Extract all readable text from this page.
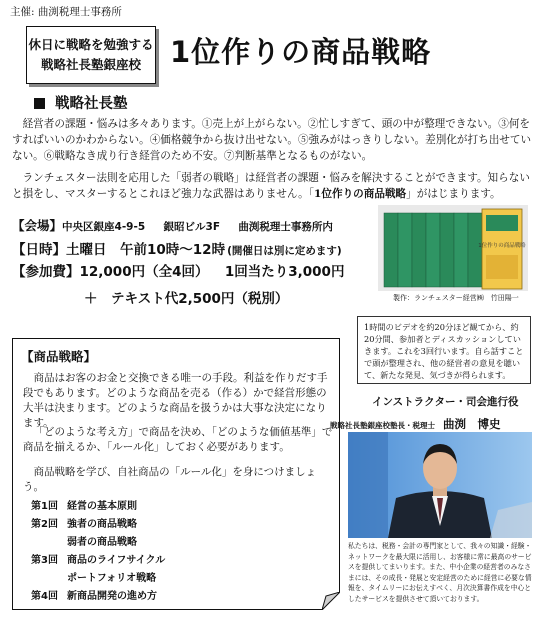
主催: 曲渕税理士事務所
休日に戦略を勉強する
戦略社長塾銀座校 1位作りの商品戦略
戦略社長塾
経営者の課題・悩みは多々あります。①売上が上がらない。②忙しすぎて、頭の中が整理できない。③何をすればいいのかわからない。④価格競争から抜け出せない。⑤強みがはっきりしない。差別化が打ち出せていない。⑥戦略なき成り行き経営のため不安。⑦判断基準となるものがない。
ランチェスター法則を応用した「弱者の戦略」は経営者の課題・悩みを解決することができます。知らないと損をし、マスターするとこれほど強力な武器はありません。「1位作りの商品戦略」がはじまります。
【会場】中央区銀座4-9-5 銀昭ビル3F 曲渕税理士事務所内
【日時】土曜日　午前10時～12時 (開催日は別に定めます)
【参加費】12,000円（全4回） 1回当たり3,000円
＋　テキスト代2,500円（税別）
1位作りの商品戦略
製作：ランチェスター経営㈱　竹田陽一
【商品戦略】
商品はお客のお金と交換できる唯一の手段。利益を作りだす手段でもあります。どのような商品を売る（作る）かで経営形態の大半は決まります。どのような商品を扱うかは大事な決定になります。
「どのような考え方」で商品を決め、「どのような価値基準」で商品を揃えるか、「ルール化」しておく必要があります。
商品戦略を学び、自社商品の「ルール化」を身につけましょう。
第1回 経営の基本原則
第2回 強者の商品戦略
弱者の商品戦略
第3回 商品のライフサイクル
ポートフォリオ戦略
第4回 新商品開発の進め方
1時間のビデオを約20分ほど観てから、約20分間、参加者とディスカッションしていきます。これを3回行います。自ら話すことで頭が整理され、他の経営者の意見を聴いて、新たな発見、気づきが得られます。
インストラクター・司会進行役
戦略社長塾銀座校塾長・税理士 曲渕　博史
私たちは、税務・会計の専門家として、我々の知識・経験・ネットワークを最大限に活用し、お客様に常に最高のサービスを提供してまいります。また、中小企業の経営者のみなさまには、その成長・発展と安定経営のために経営に必要な情報を、タイムリーにお伝えすべく、月次決算書作成を中心としたサービスを提供させて頂いております。
